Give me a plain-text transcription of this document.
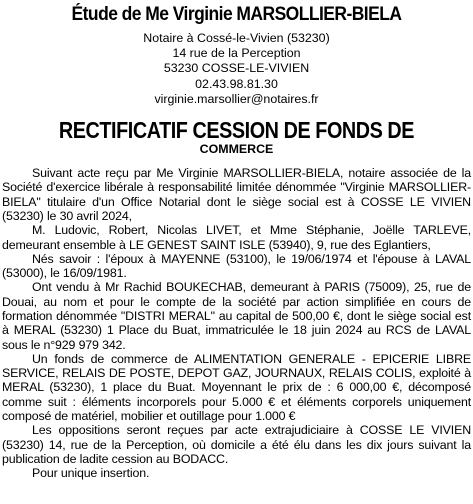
Étude de Me Virginie MARSOLLIER-BIELA
Notaire à Cossé-le-Vivien (53230)
14 rue de la Perception
53230 COSSE-LE-VIVIEN
02.43.98.81.30
virginie.marsollier@notaires.fr
RECTIFICATIF CESSION DE FONDS DE
COMMERCE

Suivant acte reçu par Me Virginie MARSOLLIER-BIELA, notaire associée de la Société d'exercice libérale à responsabilité limitée dénommée "Virginie MARSOLLIER-BIELA" titulaire d'un Office Notarial dont le siège social est à COSSE LE VIVIEN (53230) le 30 avril 2024,

M. Ludovic, Robert, Nicolas LIVET, et Mme Stéphanie, Joëlle TARLEVE, demeurant ensemble à LE GENEST SAINT ISLE (53940), 9, rue des Eglantiers,

Nés savoir : l'époux à MAYENNE (53100), le 19/06/1974 et l'épouse à LAVAL (53000), le 16/09/1981.

Ont vendu à Mr Rachid BOUKECHAB, demeurant à PARIS (75009), 25, rue de Douai, au nom et pour le compte de la société par action simplifiée en cours de formation dénommée "DISTRI MERAL" au capital de 500,00 €, dont le siège social est à MERAL (53230) 1 Place du Buat, immatriculée le 18 juin 2024 au RCS de LAVAL sous le n°929 979 342.

Un fonds de commerce de ALIMENTATION GENERALE - EPICERIE LIBRE SERVICE, RELAIS DE POSTE, DEPOT GAZ, JOURNAUX, RELAIS COLIS, exploité à MERAL (53230), 1 place du Buat. Moyennant le prix de : 6 000,00 €, décomposé comme suit : éléments incorporels pour 5.000 € et éléments corporels uniquement composé de matériel, mobilier et outillage pour 1.000 €

Les oppositions seront reçues par acte extrajudiciaire à COSSE LE VIVIEN (53230) 14, rue de la Perception, où domicile a été élu dans les dix jours suivant la publication de ladite cession au BODACC.

Pour unique insertion.
